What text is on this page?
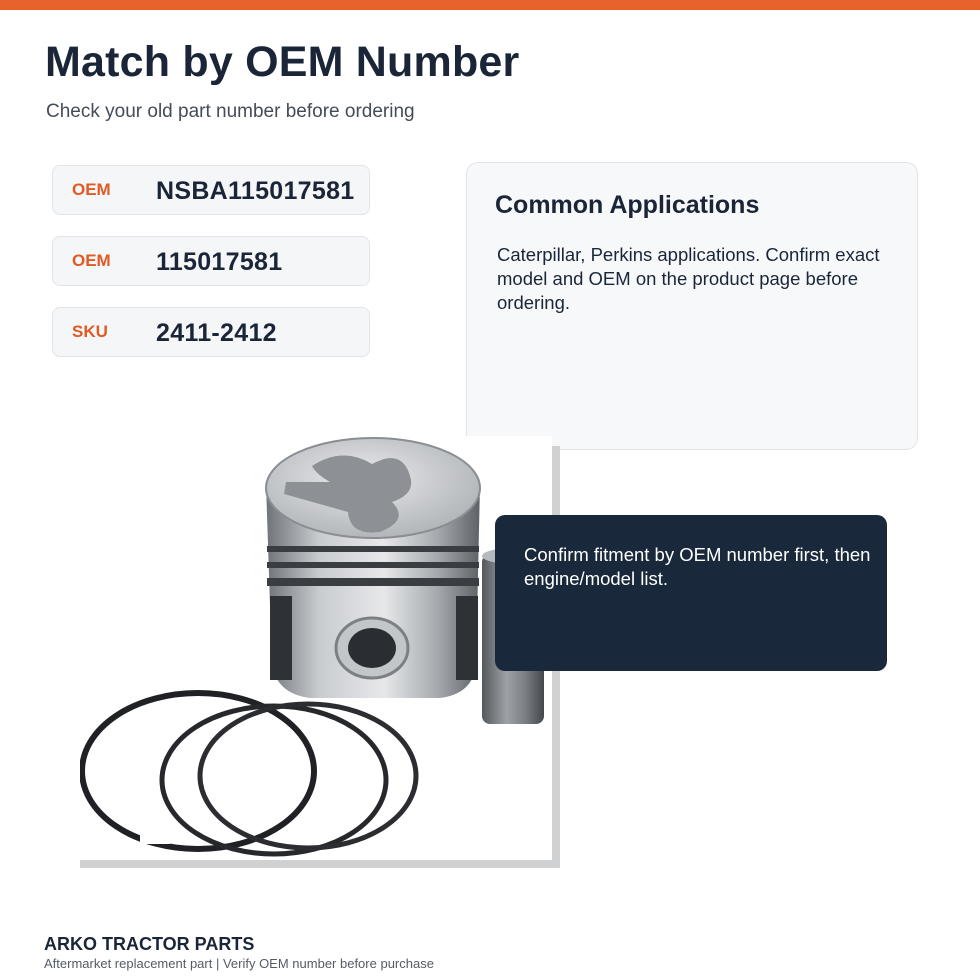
Match by OEM Number

Check your old part number before ordering

OEM NSBA115017581
OEM 115017581
SKU 2411-2412
Common Applications

Caterpillar, Perkins applications. Confirm exact model and OEM on the product page before ordering.

Confirm fitment by OEM number first, then engine/model list.

ARKO TRACTOR PARTS

Aftermarket replacement part | Verify OEM number before purchase
